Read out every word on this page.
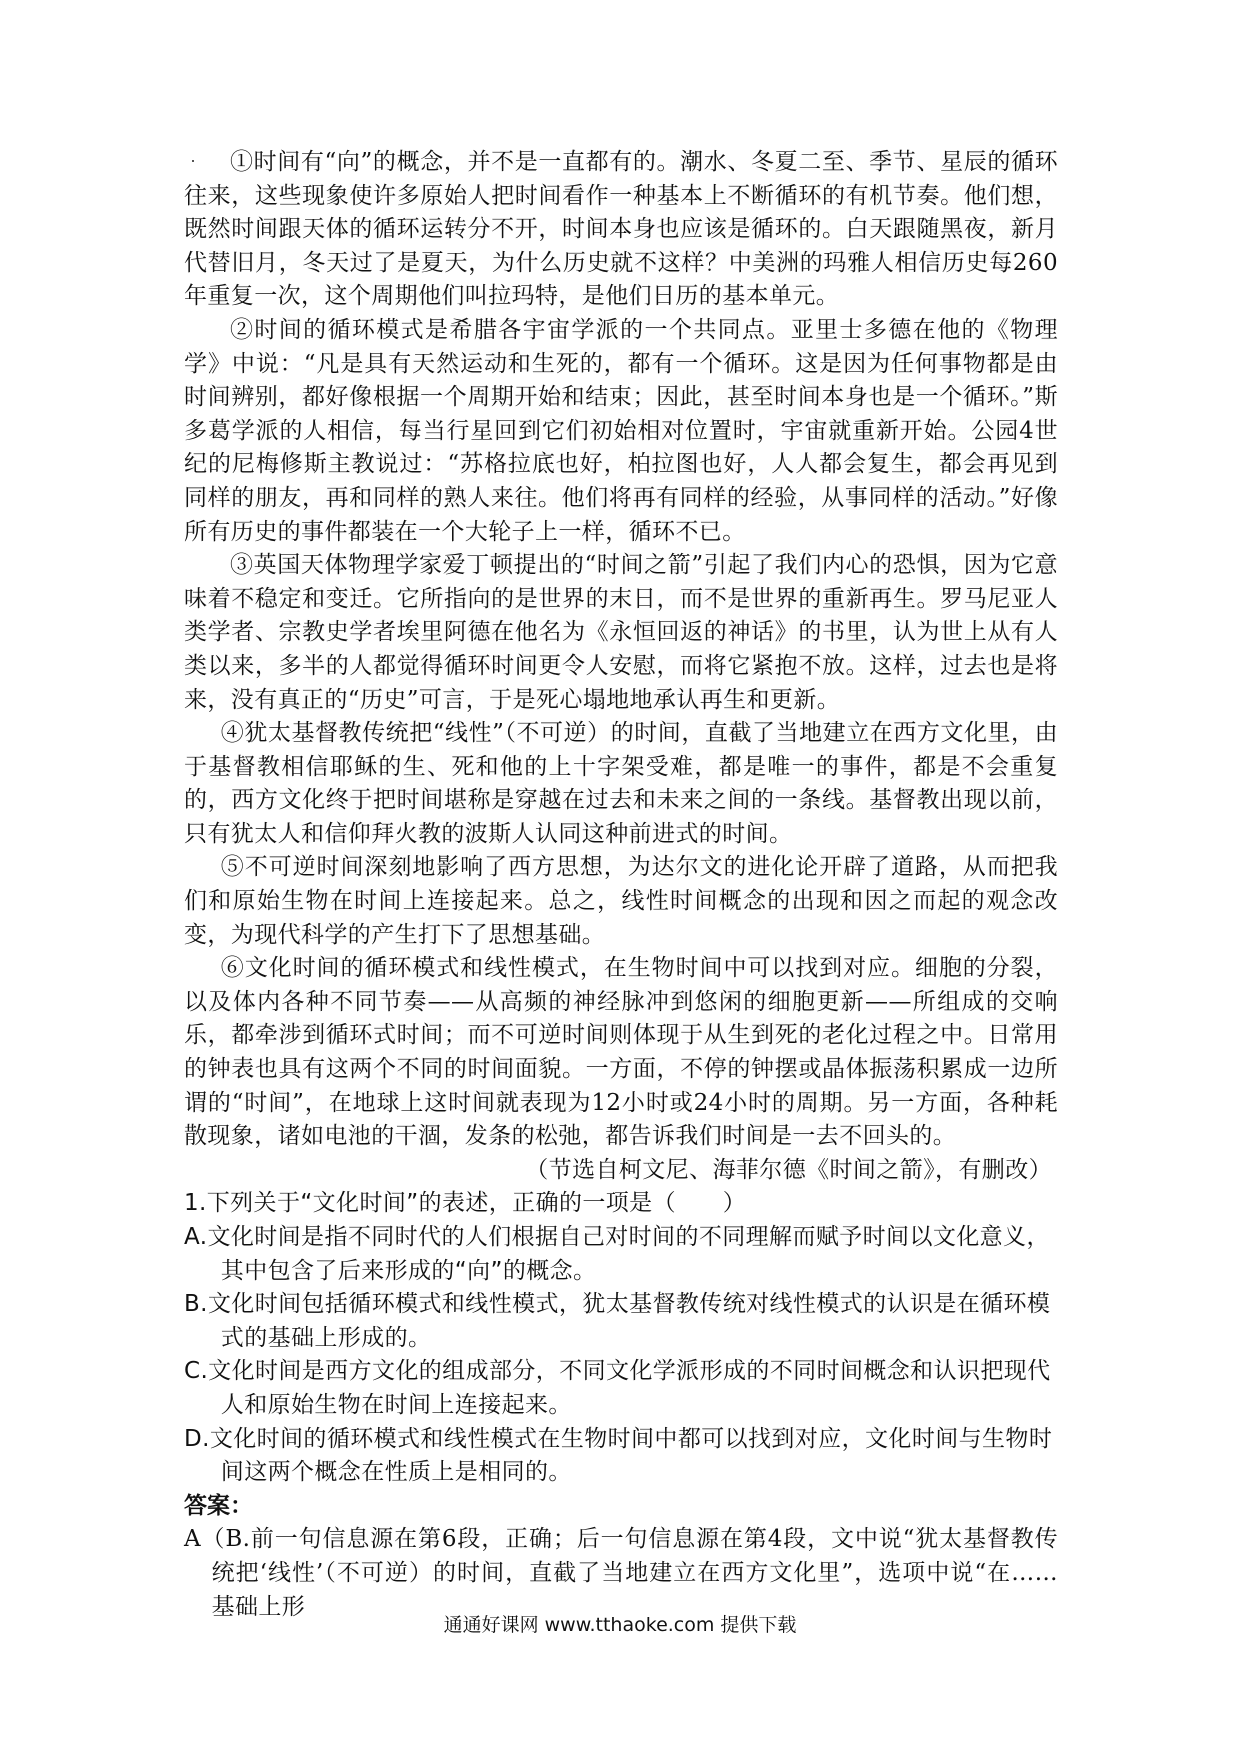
①时间有“向”的概念，并不是一直都有的。潮水、冬夏二至、季节、星辰的循环往来，这些现象使许多原始人把时间看作一种基本上不断循环的有机节奏。他们想，既然时间跟天体的循环运转分不开，时间本身也应该是循环的。白天跟随黑夜，新月代替旧月，冬天过了是夏天，为什么历史就不这样？中美洲的玛雅人相信历史每260年重复一次，这个周期他们叫拉玛特，是他们日历的基本单元。

②时间的循环模式是希腊各宇宙学派的一个共同点。亚里士多德在他的《物理学》中说：“凡是具有天然运动和生死的，都有一个循环。这是因为任何事物都是由时间辨别，都好像根据一个周期开始和结束；因此，甚至时间本身也是一个循环。”斯多葛学派的人相信，每当行星回到它们初始相对位置时，宇宙就重新开始。公园4世纪的尼梅修斯主教说过：“苏格拉底也好，柏拉图也好，人人都会复生，都会再见到同样的朋友，再和同样的熟人来往。他们将再有同样的经验，从事同样的活动。”好像所有历史的事件都装在一个大轮子上一样，循环不已。

③英国天体物理学家爱丁顿提出的“时间之箭”引起了我们内心的恐惧，因为它意味着不稳定和变迁。它所指向的是世界的末日，而不是世界的重新再生。罗马尼亚人类学者、宗教史学者埃里阿德在他名为《永恒回返的神话》的书里，认为世上从有人类以来，多半的人都觉得循环时间更令人安慰，而将它紧抱不放。这样，过去也是将来，没有真正的“历史”可言，于是死心塌地地承认再生和更新。

④犹太基督教传统把“线性”（不可逆）的时间，直截了当地建立在西方文化里，由于基督教相信耶稣的生、死和他的上十字架受难，都是唯一的事件，都是不会重复的，西方文化终于把时间堪称是穿越在过去和未来之间的一条线。基督教出现以前，只有犹太人和信仰拜火教的波斯人认同这种前进式的时间。

⑤不可逆时间深刻地影响了西方思想，为达尔文的进化论开辟了道路，从而把我们和原始生物在时间上连接起来。总之，线性时间概念的出现和因之而起的观念改变，为现代科学的产生打下了思想基础。

⑥文化时间的循环模式和线性模式，在生物时间中可以找到对应。细胞的分裂，以及体内各种不同节奏——从高频的神经脉冲到悠闲的细胞更新——所组成的交响乐，都牵涉到循环式时间；而不可逆时间则体现于从生到死的老化过程之中。日常用的钟表也具有这两个不同的时间面貌。一方面，不停的钟摆或晶体振荡积累成一边所谓的“时间”，在地球上这时间就表现为12小时或24小时的周期。另一方面，各种耗散现象，诸如电池的干涸，发条的松弛，都告诉我们时间是一去不回头的。

（节选自柯文尼、海菲尔德《时间之箭》，有删改）

1.下列关于“文化时间”的表述，正确的一项是（　　）

A.文化时间是指不同时代的人们根据自己对时间的不同理解而赋予时间以文化意义，其中包含了后来形成的“向”的概念。

B.文化时间包括循环模式和线性模式，犹太基督教传统对线性模式的认识是在循环模式的基础上形成的。

C.文化时间是西方文化的组成部分，不同文化学派形成的不同时间概念和认识把现代人和原始生物在时间上连接起来。

D.文化时间的循环模式和线性模式在生物时间中都可以找到对应，文化时间与生物时间这两个概念在性质上是相同的。

答案：

A（B.前一句信息源在第6段，正确；后一句信息源在第4段，文中说“犹太基督教传统把‘线性’（不可逆）的时间，直截了当地建立在西方文化里”，选项中说“在……基础上形

通通好课网 www.tthaoke.com 提供下载
